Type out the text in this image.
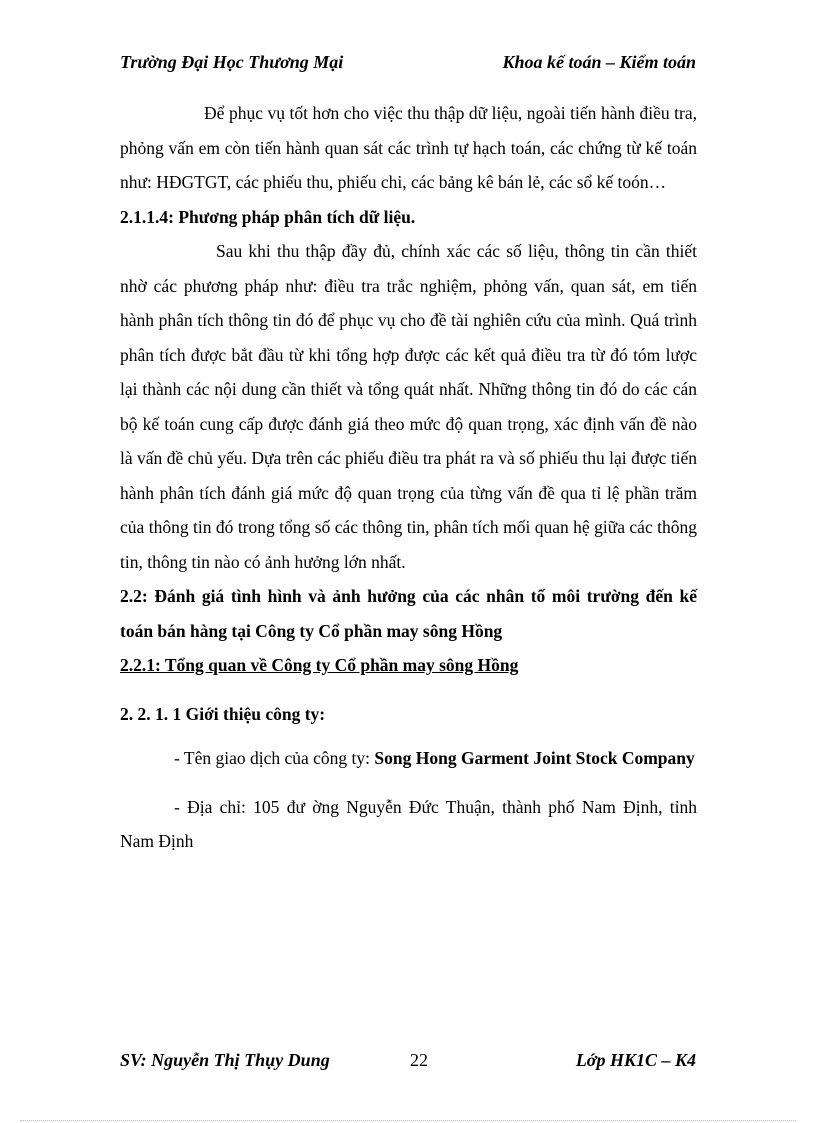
Trường Đại Học Thương Mại	Khoa kế toán – Kiểm toán

Để phục vụ tốt hơn cho việc thu thập dữ liệu, ngoài tiến hành điều tra, phỏng vấn em còn tiến hành quan sát các trình tự hạch toán, các chứng từ kế toán như: HĐGTGT, các phiếu thu, phiếu chi, các bảng kê bán lẻ, các sổ kế toón…

2.1.1.4: Phương pháp phân tích dữ liệu.

Sau khi thu thập đầy đủ, chính xác các số liệu, thông tin cần thiết nhờ các phương pháp như: điều tra trắc nghiệm, phỏng vấn, quan sát, em tiến hành phân tích thông tin đó để phục vụ cho đề tài nghiên cứu của mình. Quá trình phân tích được bắt đầu từ khi tổng hợp được các kết quả điều tra từ đó tóm lược lại thành các nội dung cần thiết và tổng quát nhất. Những thông tin đó do các cán bộ kế toán cung cấp được đánh giá theo mức độ quan trọng, xác định vấn đề nào là vấn đề chủ yếu. Dựa trên các phiếu điều tra phát ra và số phiếu thu lại được tiến hành phân tích đánh giá mức độ quan trọng của từng vấn đề qua tỉ lệ phần trăm của thông tin đó trong tổng số các thông tin, phân tích mối quan hệ giữa các thông tin, thông tin nào có ảnh hưởng lớn nhất.

2.2: Đánh giá tình hình và ảnh hưởng của các nhân tố môi trường đến kế toán bán hàng tại Công ty Cổ phần may sông Hồng

2.2.1: Tổng quan về Công ty Cổ phần may sông Hồng

2. 2. 1. 1 Giới thiệu công ty:

- Tên giao dịch của công ty: Song Hong Garment Joint Stock Company

- Địa chỉ: 105 đư ờng Nguyễn Đức Thuận, thành phố Nam Định, tỉnh Nam Định

SV: Nguyễn Thị Thụy Dung	22	Lớp HK1C – K4
